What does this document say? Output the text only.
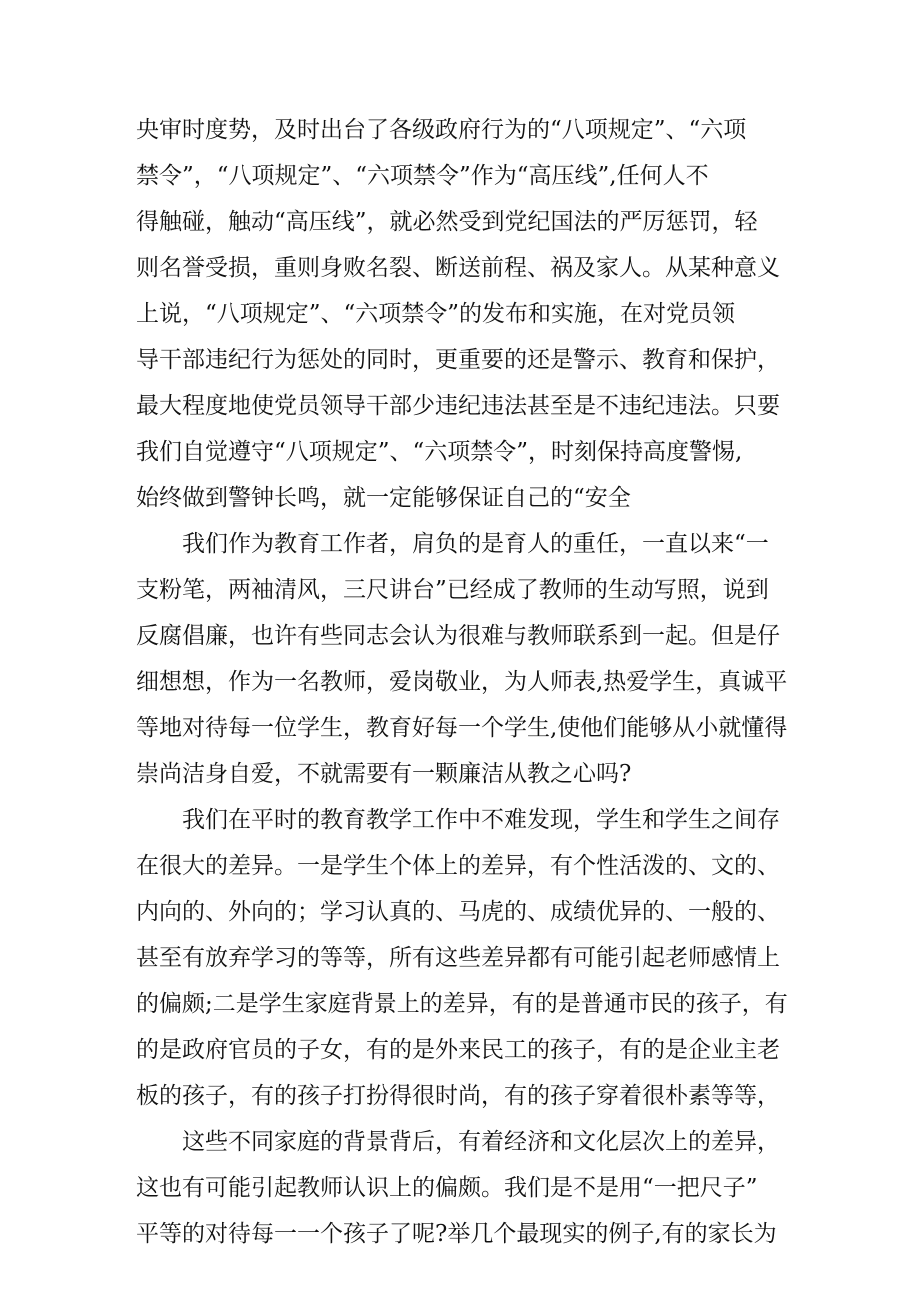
央审时度势，及时出台了各级政府行为的“八项规定”、“六项
禁令”，“八项规定”、“六项禁令”作为“高压线”,任何人不
得触碰，触动“高压线”，就必然受到党纪国法的严厉惩罚，轻
则名誉受损，重则身败名裂、断送前程、祸及家人。从某种意义
上说，“八项规定”、“六项禁令”的发布和实施，在对党员领
导干部违纪行为惩处的同时，更重要的还是警示、教育和保护，
最大程度地使党员领导干部少违纪违法甚至是不违纪违法。只要
我们自觉遵守“八项规定”、“六项禁令”，时刻保持高度警惕,
始终做到警钟长鸣，就一定能够保证自己的“安全
我们作为教育工作者，肩负的是育人的重任，一直以来“一
支粉笔，两袖清风，三尺讲台”已经成了教师的生动写照，说到
反腐倡廉，也许有些同志会认为很难与教师联系到一起。但是仔
细想想，作为一名教师，爱岗敬业，为人师表,热爱学生，真诚平
等地对待每一位学生，教育好每一个学生,使他们能够从小就懂得
崇尚洁身自爱，不就需要有一颗廉洁从教之心吗?
我们在平时的教育教学工作中不难发现，学生和学生之间存
在很大的差异。一是学生个体上的差异，有个性活泼的、文的、
内向的、外向的；学习认真的、马虎的、成绩优异的、一般的、
甚至有放弃学习的等等，所有这些差异都有可能引起老师感情上
的偏颇;二是学生家庭背景上的差异，有的是普通市民的孩子，有
的是政府官员的子女，有的是外来民工的孩子，有的是企业主老
板的孩子，有的孩子打扮得很时尚，有的孩子穿着很朴素等等，
这些不同家庭的背景背后，有着经济和文化层次上的差异，
这也有可能引起教师认识上的偏颇。我们是不是用“一把尺子”
平等的对待每一一个孩子了呢?举几个最现实的例子,有的家长为
